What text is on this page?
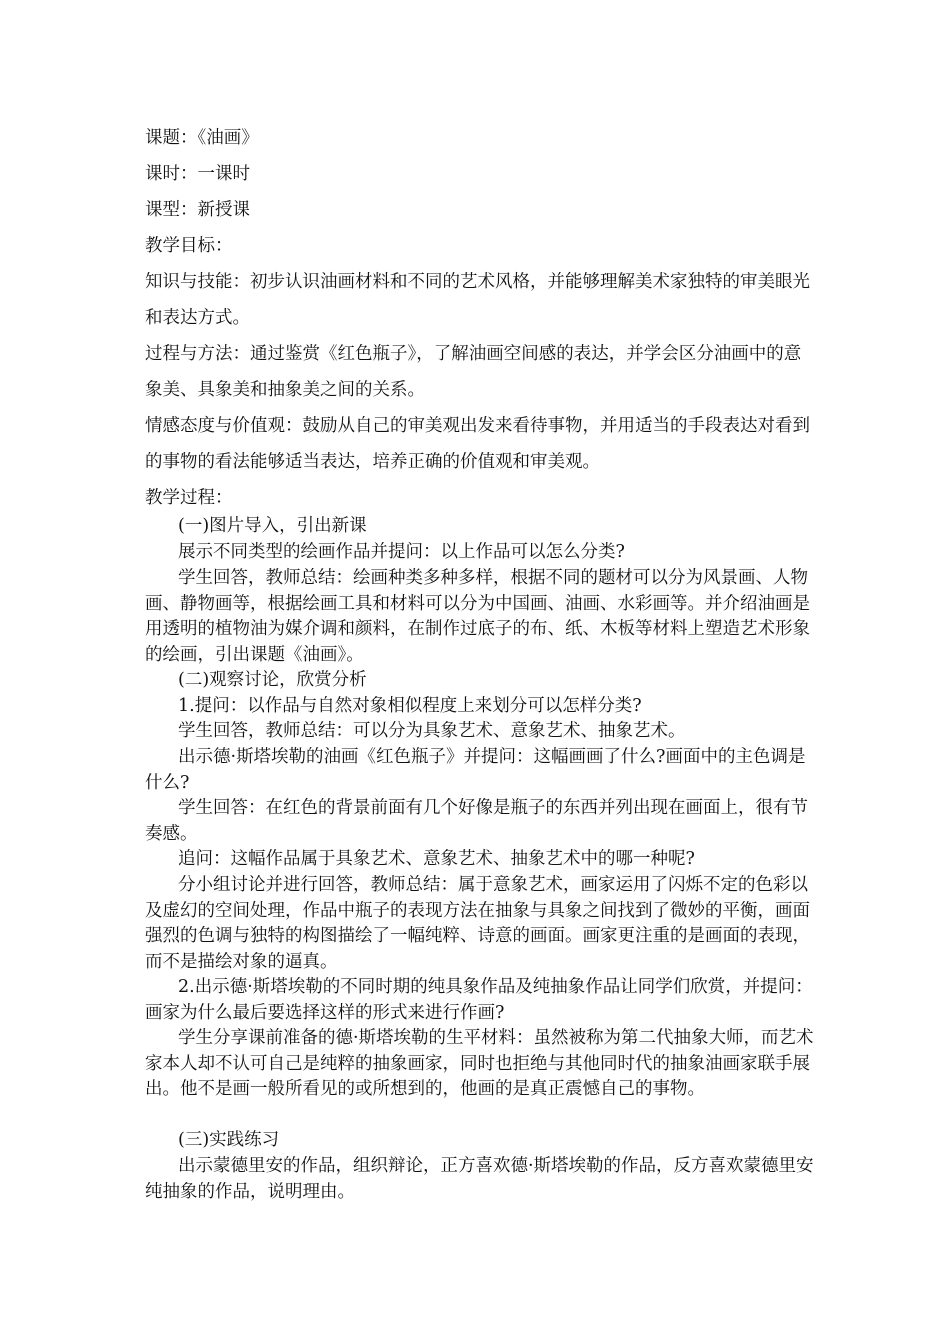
课题：《油画》

课时：一课时

课型：新授课

教学目标：

知识与技能：初步认识油画材料和不同的艺术风格，并能够理解美术家独特的审美眼光和表达方式。

过程与方法：通过鉴赏《红色瓶子》，了解油画空间感的表达，并学会区分油画中的意象美、具象美和抽象美之间的关系。

情感态度与价值观：鼓励从自己的审美观出发来看待事物，并用适当的手段表达对看到的事物的看法能够适当表达，培养正确的价值观和审美观。

教学过程：

(一)图片导入，引出新课

展示不同类型的绘画作品并提问：以上作品可以怎么分类?

学生回答，教师总结：绘画种类多种多样，根据不同的题材可以分为风景画、人物画、静物画等，根据绘画工具和材料可以分为中国画、油画、水彩画等。并介绍油画是用透明的植物油为媒介调和颜料，在制作过底子的布、纸、木板等材料上塑造艺术形象的绘画，引出课题《油画》。

(二)观察讨论，欣赏分析

1.提问：以作品与自然对象相似程度上来划分可以怎样分类?

学生回答，教师总结：可以分为具象艺术、意象艺术、抽象艺术。

出示德·斯塔埃勒的油画《红色瓶子》并提问：这幅画画了什么?画面中的主色调是什么?

学生回答：在红色的背景前面有几个好像是瓶子的东西并列出现在画面上，很有节奏感。

追问：这幅作品属于具象艺术、意象艺术、抽象艺术中的哪一种呢?

分小组讨论并进行回答，教师总结：属于意象艺术，画家运用了闪烁不定的色彩以及虚幻的空间处理，作品中瓶子的表现方法在抽象与具象之间找到了微妙的平衡，画面强烈的色调与独特的构图描绘了一幅纯粹、诗意的画面。画家更注重的是画面的表现，而不是描绘对象的逼真。

2.出示德·斯塔埃勒的不同时期的纯具象作品及纯抽象作品让同学们欣赏，并提问：画家为什么最后要选择这样的形式来进行作画?

学生分享课前准备的德·斯塔埃勒的生平材料：虽然被称为第二代抽象大师，而艺术家本人却不认可自己是纯粹的抽象画家，同时也拒绝与其他同时代的抽象油画家联手展出。他不是画一般所看见的或所想到的，他画的是真正震憾自己的事物。

(三)实践练习

出示蒙德里安的作品，组织辩论，正方喜欢德·斯塔埃勒的作品，反方喜欢蒙德里安纯抽象的作品，说明理由。
